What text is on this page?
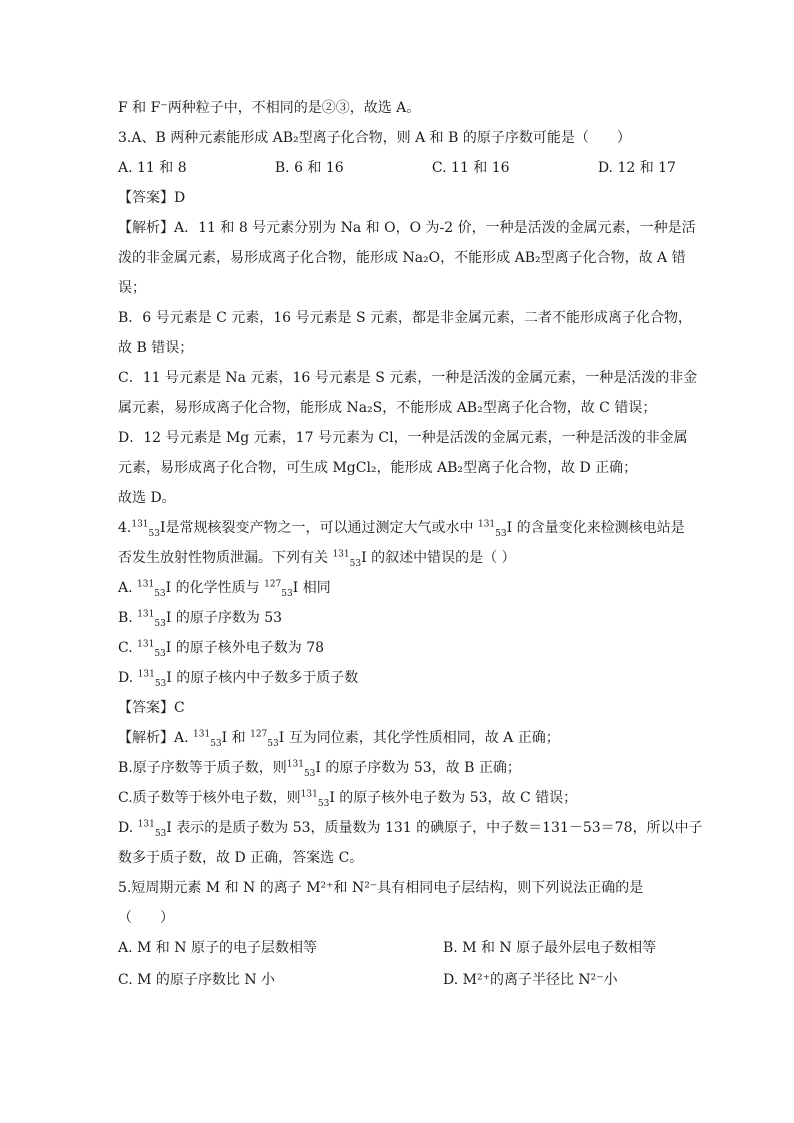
F 和 F⁻两种粒子中，不相同的是②③，故选 A。
3.A、B 两种元素能形成 AB₂型离子化合物，则 A 和 B 的原子序数可能是（　　）
A. 11 和 8	B. 6 和 16	C. 11 和 16	D. 12 和 17
【答案】D
【解析】A．11 和 8 号元素分别为 Na 和 O，O 为-2 价，一种是活泼的金属元素，一种是活
泼的非金属元素，易形成离子化合物，能形成 Na₂O，不能形成 AB₂型离子化合物，故 A 错
误；
B．6 号元素是 C 元素，16 号元素是 S 元素，都是非金属元素，二者不能形成离子化合物，
故 B 错误；
C．11 号元素是 Na 元素，16 号元素是 S 元素，一种是活泼的金属元素，一种是活泼的非金
属元素，易形成离子化合物，能形成 Na₂S，不能形成 AB₂型离子化合物，故 C 错误；
D．12 号元素是 Mg 元素，17 号元素为 Cl，一种是活泼的金属元素，一种是活泼的非金属
元素，易形成离子化合物，可生成 MgCl₂，能形成 AB₂型离子化合物，故 D 正确；
故选 D。
4.$^{131}_{53}$I是常规核裂变产物之一，可以通过测定大气或水中 $^{131}_{53}$I 的含量变化来检测核电站是
否发生放射性物质泄漏。下列有关 $^{131}_{53}$I 的叙述中错误的是（ ）
A. $^{131}_{53}$I 的化学性质与 $^{127}_{53}$I 相同
B. $^{131}_{53}$I 的原子序数为 53
C. $^{131}_{53}$I 的原子核外电子数为 78
D. $^{131}_{53}$I 的原子核内中子数多于质子数
【答案】C
【解析】A. $^{131}_{53}$I 和 $^{127}_{53}$I 互为同位素，其化学性质相同，故 A 正确；
B.原子序数等于质子数，则$^{131}_{53}$I 的原子序数为 53，故 B 正确；
C.质子数等于核外电子数，则$^{131}_{53}$I 的原子核外电子数为 53，故 C 错误；
D. $^{131}_{53}$I 表示的是质子数为 53，质量数为 131 的碘原子，中子数＝131－53＝78，所以中子
数多于质子数，故 D 正确，答案选 C。
5.短周期元素 M 和 N 的离子 M²⁺和 N²⁻具有相同电子层结构，则下列说法正确的是
（　　）
A. M 和 N 原子的电子层数相等	B. M 和 N 原子最外层电子数相等
C. M 的原子序数比 N 小	D. M²⁺的离子半径比 N²⁻小
